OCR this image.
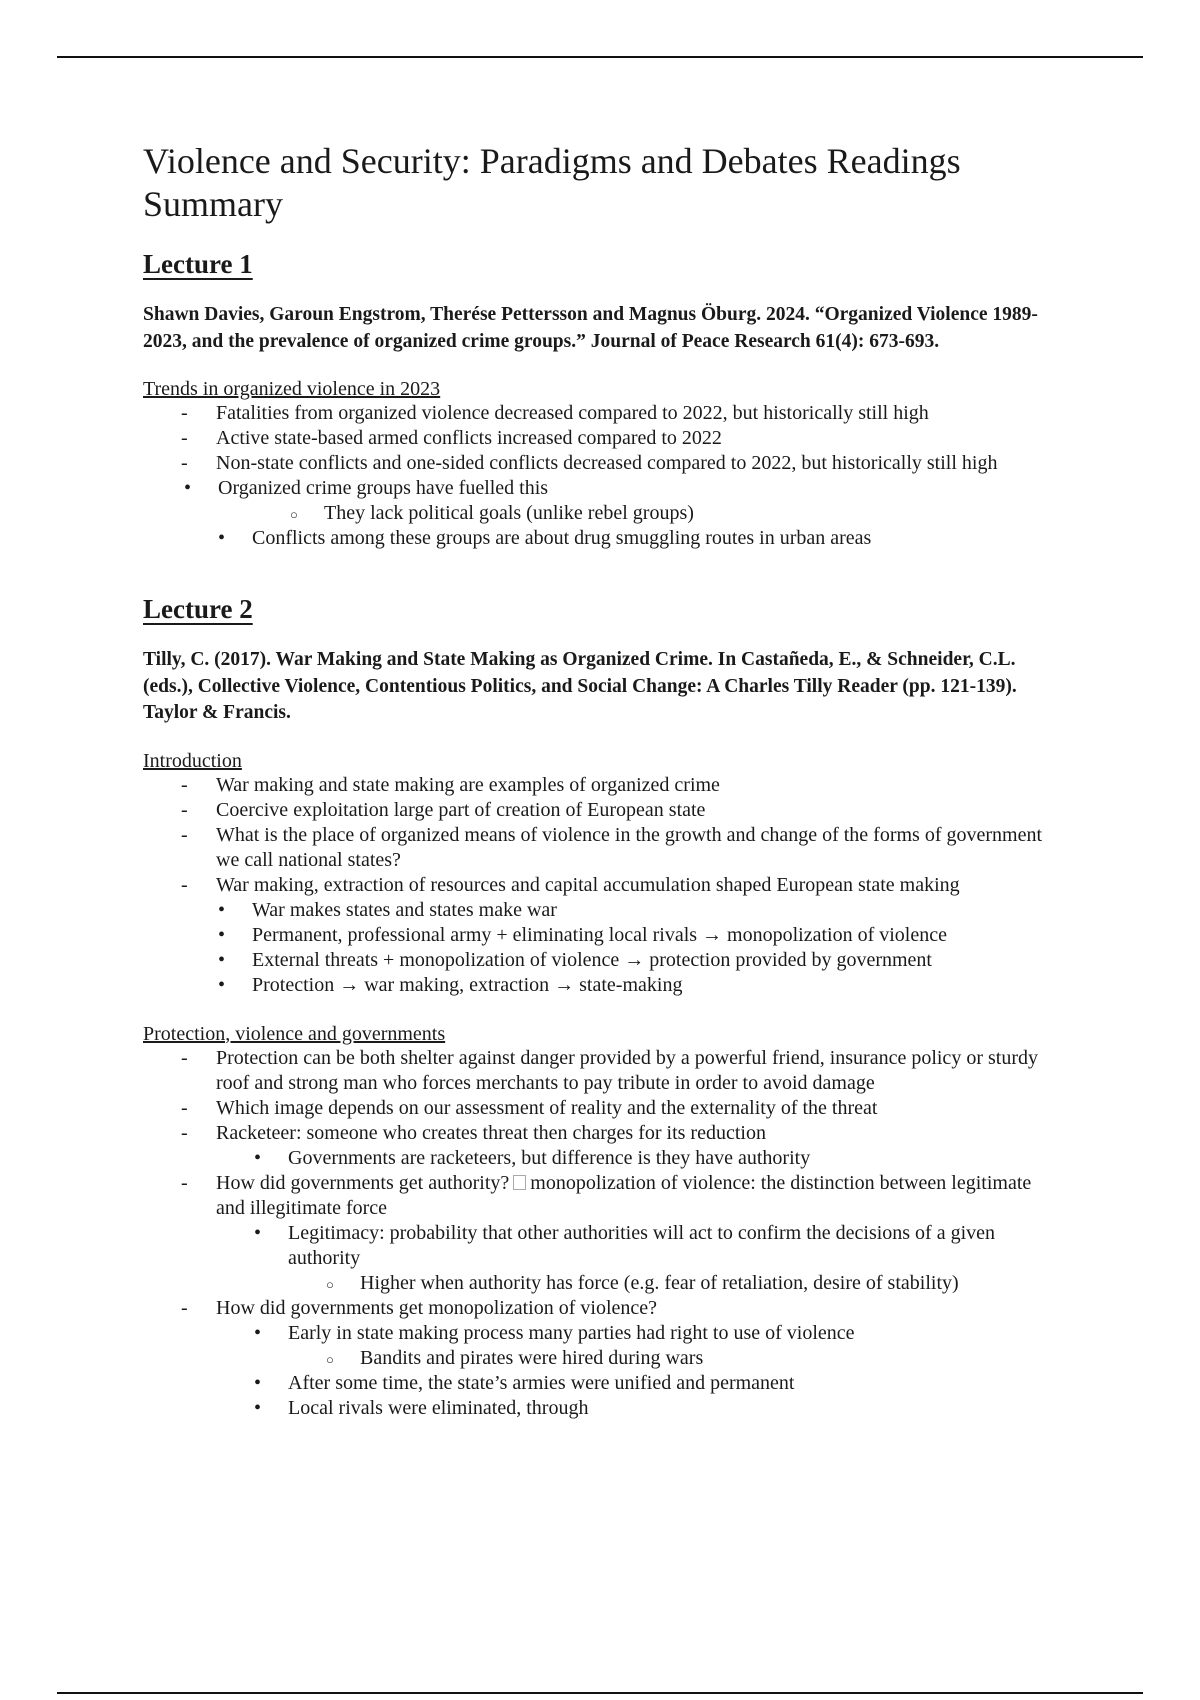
Violence and Security: Paradigms and Debates Readings Summary
Lecture 1
Shawn Davies, Garoun Engstrom, Therése Pettersson and Magnus Öburg. 2024. “Organized Violence 1989-2023, and the prevalence of organized crime groups.” Journal of Peace Research 61(4): 673-693.
Trends in organized violence in 2023
- Fatalities from organized violence decreased compared to 2022, but historically still high
- Active state-based armed conflicts increased compared to 2022
- Non-state conflicts and one-sided conflicts decreased compared to 2022, but historically still high
• Organized crime groups have fuelled this
○ They lack political goals (unlike rebel groups)
• Conflicts among these groups are about drug smuggling routes in urban areas
Lecture 2
Tilly, C. (2017). War Making and State Making as Organized Crime. In Castañeda, E., & Schneider, C.L. (eds.), Collective Violence, Contentious Politics, and Social Change: A Charles Tilly Reader (pp. 121-139). Taylor & Francis.
Introduction
- War making and state making are examples of organized crime
- Coercive exploitation large part of creation of European state
- What is the place of organized means of violence in the growth and change of the forms of government we call national states?
- War making, extraction of resources and capital accumulation shaped European state making
• War makes states and states make war
• Permanent, professional army + eliminating local rivals → monopolization of violence
• External threats + monopolization of violence → protection provided by government
• Protection → war making, extraction → state-making
Protection, violence and governments
- Protection can be both shelter against danger provided by a powerful friend, insurance policy or sturdy roof and strong man who forces merchants to pay tribute in order to avoid damage
- Which image depends on our assessment of reality and the externality of the threat
- Racketeer: someone who creates threat then charges for its reduction
• Governments are racketeers, but difference is they have authority
- How did governments get authority? monopolization of violence: the distinction between legitimate and illegitimate force
• Legitimacy: probability that other authorities will act to confirm the decisions of a given authority
○ Higher when authority has force (e.g. fear of retaliation, desire of stability)
- How did governments get monopolization of violence?
• Early in state making process many parties had right to use of violence
○ Bandits and pirates were hired during wars
• After some time, the state’s armies were unified and permanent
• Local rivals were eliminated, through
